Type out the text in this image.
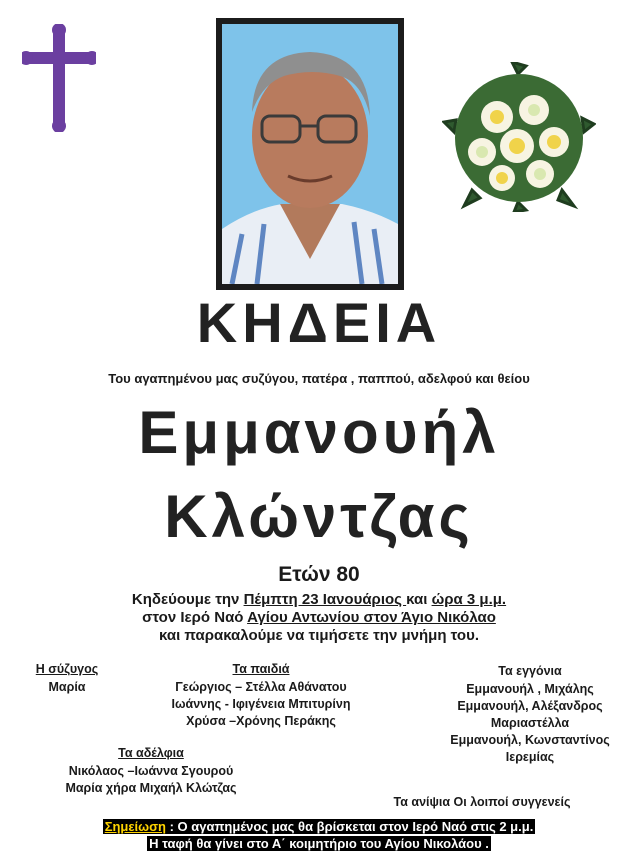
ΚΗΔΕΙΑ
Του αγαπημένου μας συζύγου, πατέρα , παππού, αδελφού και θείου
Εμμανουήλ
Κλώντζας
Ετών 80
Κηδεύουμε την Πέμπτη 23 Ιανουάριος και ώρα 3 μ.μ.
στον Ιερό Ναό Αγίου Αντωνίου στον Άγιο Νικόλαο
και παρακαλούμε να τιμήσετε την μνήμη του.
Η σύζυγος
Μαρία
Τα παιδιά
Γεώργιος – Στέλλα Αθάνατου
Ιωάννης - Ιφιγένεια Μπιτυρίνη
Χρύσα –Χρόνης Περάκης
Τα εγγόνια
Εμμανουήλ , Μιχάλης
Εμμανουήλ, Αλέξανδρος
Μαριαστέλλα
Εμμανουήλ, Κωνσταντίνος
Ιερεμίας
Τα αδέλφια
Νικόλαος –Ιωάννα Σγουρού
Μαρία χήρα Μιχαήλ Κλώτζας
Τα ανίψια Οι λοιποί συγγενείς
Σημείωση : Ο αγαπημένος μας θα βρίσκεται στον Ιερό Ναό στις 2 μ.μ.
Η ταφή θα γίνει στο Α΄ κοιμητήριο του Αγίου Νικολάου .
